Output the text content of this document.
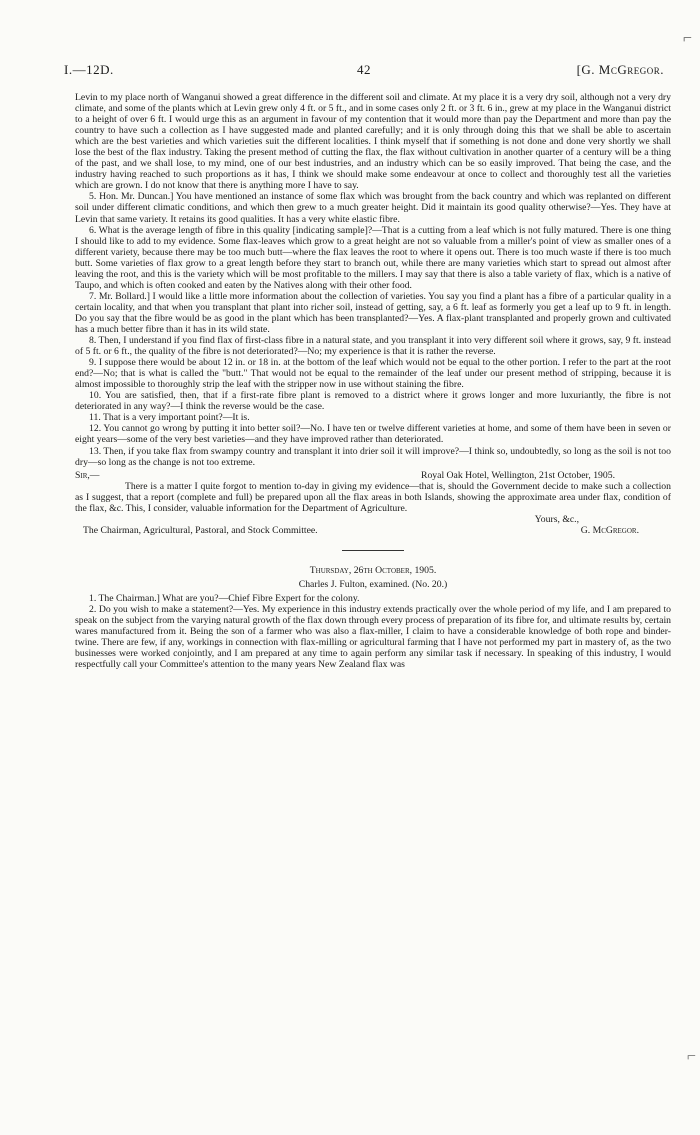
⌐
⌐
I.—12D.	42	[G. McGregor.

Levin to my place north of Wanganui showed a great difference in the different soil and climate. At my place it is a very dry soil, although not a very dry climate, and some of the plants which at Levin grew only 4 ft. or 5 ft., and in some cases only 2 ft. or 3 ft. 6 in., grew at my place in the Wanganui district to a height of over 6 ft. I would urge this as an argument in favour of my contention that it would more than pay the Department and more than pay the country to have such a collection as I have suggested made and planted carefully; and it is only through doing this that we shall be able to ascertain which are the best varieties and which varieties suit the different localities. I think myself that if something is not done and done very shortly we shall lose the best of the flax industry. Taking the present method of cutting the flax, the flax without cultivation in another quarter of a century will be a thing of the past, and we shall lose, to my mind, one of our best industries, and an industry which can be so easily improved. That being the case, and the industry having reached to such proportions as it has, I think we should make some endeavour at once to collect and thoroughly test all the varieties which are grown. I do not know that there is anything more I have to say.

5. Hon. Mr. Duncan.] You have mentioned an instance of some flax which was brought from the back country and which was replanted on different soil under different climatic conditions, and which then grew to a much greater height. Did it maintain its good quality otherwise?—Yes. They have at Levin that same variety. It retains its good qualities. It has a very white elastic fibre.

6. What is the average length of fibre in this quality [indicating sample]?—That is a cutting from a leaf which is not fully matured. There is one thing I should like to add to my evidence. Some flax-leaves which grow to a great height are not so valuable from a miller's point of view as smaller ones of a different variety, because there may be too much butt—where the flax leaves the root to where it opens out. There is too much waste if there is too much butt. Some varieties of flax grow to a great length before they start to branch out, while there are many varieties which start to spread out almost after leaving the root, and this is the variety which will be most profitable to the millers. I may say that there is also a table variety of flax, which is a native of Taupo, and which is often cooked and eaten by the Natives along with their other food.

7. Mr. Bollard.] I would like a little more information about the collection of varieties. You say you find a plant has a fibre of a particular quality in a certain locality, and that when you transplant that plant into richer soil, instead of getting, say, a 6 ft. leaf as formerly you get a leaf up to 9 ft. in length. Do you say that the fibre would be as good in the plant which has been transplanted?—Yes. A flax-plant transplanted and properly grown and cultivated has a much better fibre than it has in its wild state.

8. Then, I understand if you find flax of first-class fibre in a natural state, and you transplant it into very different soil where it grows, say, 9 ft. instead of 5 ft. or 6 ft., the quality of the fibre is not deteriorated?—No; my experience is that it is rather the reverse.

9. I suppose there would be about 12 in. or 18 in. at the bottom of the leaf which would not be equal to the other portion. I refer to the part at the root end?—No; that is what is called the "butt." That would not be equal to the remainder of the leaf under our present method of stripping, because it is almost impossible to thoroughly strip the leaf with the stripper now in use without staining the fibre.

10. You are satisfied, then, that if a first-rate fibre plant is removed to a district where it grows longer and more luxuriantly, the fibre is not deteriorated in any way?—I think the reverse would be the case.

11. That is a very important point?—It is.

12. You cannot go wrong by putting it into better soil?—No. I have ten or twelve different varieties at home, and some of them have been in seven or eight years—some of the very best varieties—and they have improved rather than deteriorated.

13. Then, if you take flax from swampy country and transplant it into drier soil it will improve?—I think so, undoubtedly, so long as the soil is not too dry—so long as the change is not too extreme.

Sir,—	Royal Oak Hotel, Wellington, 21st October, 1905.

There is a matter I quite forgot to mention to-day in giving my evidence—that is, should the Government decide to make such a collection as I suggest, that a report (complete and full) be prepared upon all the flax areas in both Islands, showing the approximate area under flax, condition of the flax, &c. This, I consider, valuable information for the Department of Agriculture.

Yours, &c.,
The Chairman, Agricultural, Pastoral, and Stock Committee.	G. McGregor.
Thursday, 26th October, 1905.
Charles J. Fulton, examined. (No. 20.)

1. The Chairman.] What are you?—Chief Fibre Expert for the colony.

2. Do you wish to make a statement?—Yes. My experience in this industry extends practically over the whole period of my life, and I am prepared to speak on the subject from the varying natural growth of the flax down through every process of preparation of its fibre for, and ultimate results by, certain wares manufactured from it. Being the son of a farmer who was also a flax-miller, I claim to have a considerable knowledge of both rope and binder-twine. There are few, if any, workings in connection with flax-milling or agricultural farming that I have not performed my part in mastery of, as the two businesses were worked conjointly, and I am prepared at any time to again perform any similar task if necessary. In speaking of this industry, I would respectfully call your Committee's attention to the many years New Zealand flax was
